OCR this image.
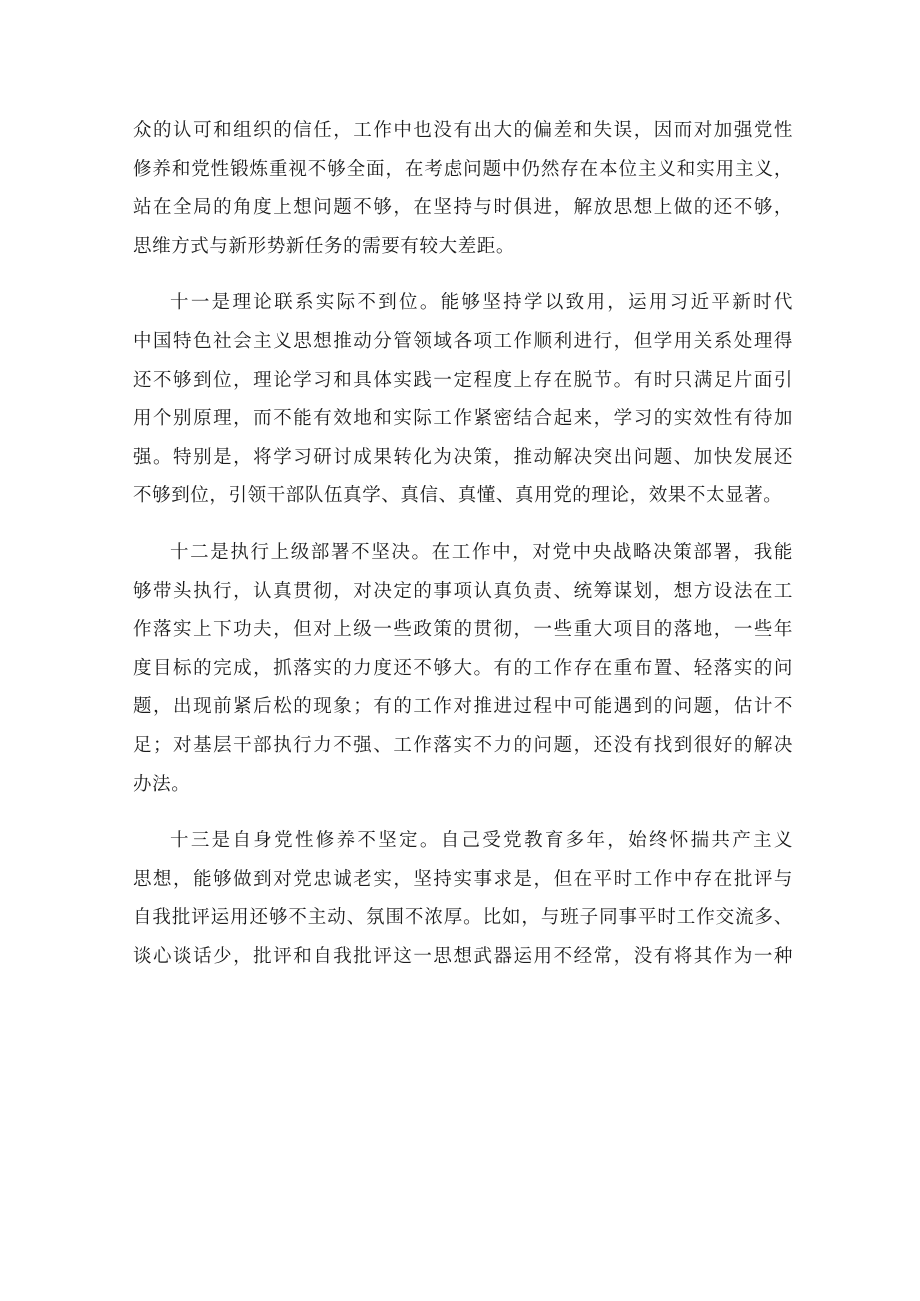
众的认可和组织的信任，工作中也没有出大的偏差和失误，因而对加强党性
修养和党性锻炼重视不够全面，在考虑问题中仍然存在本位主义和实用主义，
站在全局的角度上想问题不够，在坚持与时俱进，解放思想上做的还不够，
思维方式与新形势新任务的需要有较大差距。
十一是理论联系实际不到位。能够坚持学以致用，运用习近平新时代
中国特色社会主义思想推动分管领域各项工作顺利进行，但学用关系处理得
还不够到位，理论学习和具体实践一定程度上存在脱节。有时只满足片面引
用个别原理，而不能有效地和实际工作紧密结合起来，学习的实效性有待加
强。特别是，将学习研讨成果转化为决策，推动解决突出问题、加快发展还
不够到位，引领干部队伍真学、真信、真懂、真用党的理论，效果不太显著。
十二是执行上级部署不坚决。在工作中，对党中央战略决策部署，我能
够带头执行，认真贯彻，对决定的事项认真负责、统筹谋划，想方设法在工
作落实上下功夫，但对上级一些政策的贯彻，一些重大项目的落地，一些年
度目标的完成，抓落实的力度还不够大。有的工作存在重布置、轻落实的问
题，出现前紧后松的现象；有的工作对推进过程中可能遇到的问题，估计不
足；对基层干部执行力不强、工作落实不力的问题，还没有找到很好的解决
办法。
十三是自身党性修养不坚定。自己受党教育多年，始终怀揣共产主义
思想，能够做到对党忠诚老实，坚持实事求是，但在平时工作中存在批评与
自我批评运用还够不主动、氛围不浓厚。比如，与班子同事平时工作交流多、
谈心谈话少，批评和自我批评这一思想武器运用不经常，没有将其作为一种
